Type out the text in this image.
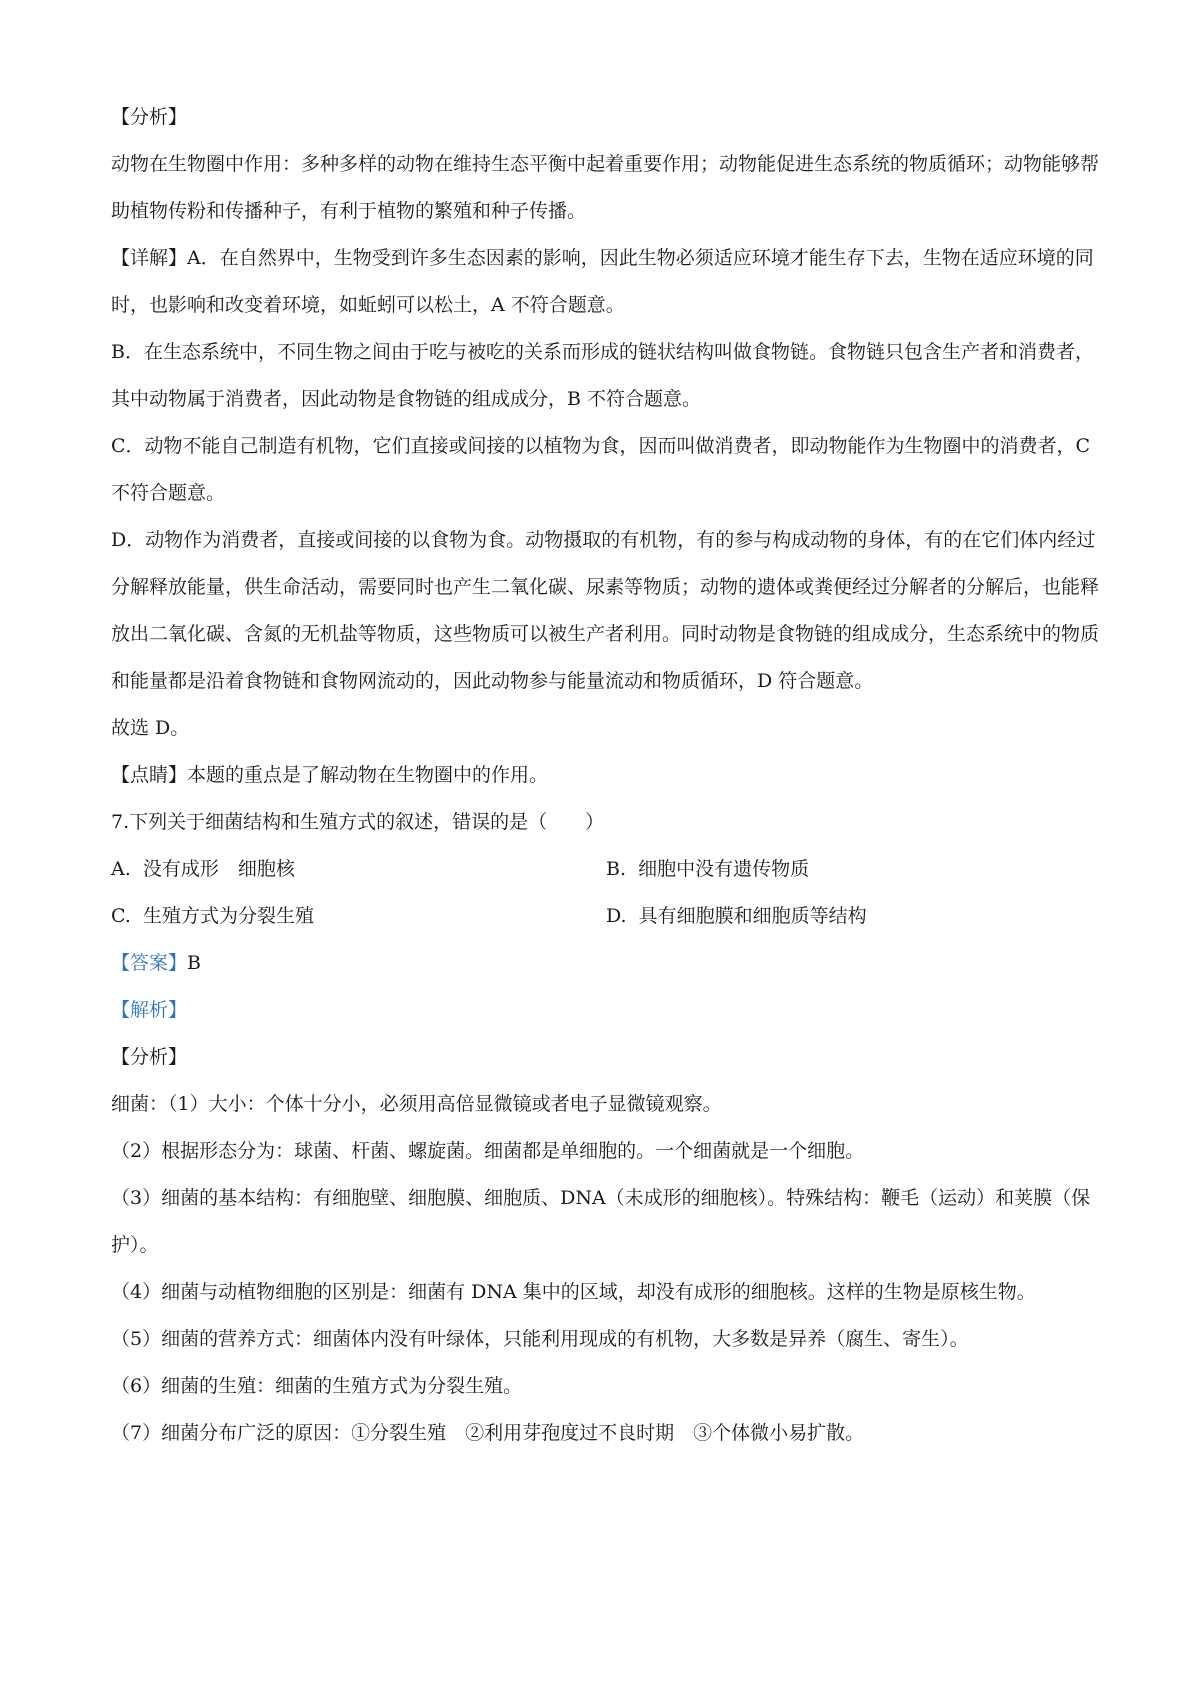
【分析】

动物在生物圈中作用：多种多样的动物在维持生态平衡中起着重要作用；动物能促进生态系统的物质循环；动物能够帮助植物传粉和传播种子，有利于植物的繁殖和种子传播。

【详解】A．在自然界中，生物受到许多生态因素的影响，因此生物必须适应环境才能生存下去，生物在适应环境的同时，也影响和改变着环境，如蚯蚓可以松土，A 不符合题意。

B．在生态系统中，不同生物之间由于吃与被吃的关系而形成的链状结构叫做食物链。食物链只包含生产者和消费者，其中动物属于消费者，因此动物是食物链的组成成分，B 不符合题意。

C．动物不能自己制造有机物，它们直接或间接的以植物为食，因而叫做消费者，即动物能作为生物圈中的消费者，C 不符合题意。

D．动物作为消费者，直接或间接的以食物为食。动物摄取的有机物，有的参与构成动物的身体，有的在它们体内经过分解释放能量，供生命活动，需要同时也产生二氧化碳、尿素等物质；动物的遗体或粪便经过分解者的分解后，也能释放出二氧化碳、含氮的无机盐等物质，这些物质可以被生产者利用。同时动物是食物链的组成成分，生态系统中的物质和能量都是沿着食物链和食物网流动的，因此动物参与能量流动和物质循环，D 符合题意。

故选 D。

【点睛】本题的重点是了解动物在生物圈中的作用。

7.下列关于细菌结构和生殖方式的叙述，错误的是（　　）

A.  没有成形　细胞核	B.  细胞中没有遗传物质
C.  生殖方式为分裂生殖	D.  具有细胞膜和细胞质等结构

【答案】B

【解析】

【分析】

细菌：（1）大小：个体十分小，必须用高倍显微镜或者电子显微镜观察。

（2）根据形态分为：球菌、杆菌、螺旋菌。细菌都是单细胞的。一个细菌就是一个细胞。

（3）细菌的基本结构：有细胞壁、细胞膜、细胞质、DNA（未成形的细胞核）。特殊结构：鞭毛（运动）和荚膜（保护）。

（4）细菌与动植物细胞的区别是：细菌有 DNA 集中的区域，却没有成形的细胞核。这样的生物是原核生物。

（5）细菌的营养方式：细菌体内没有叶绿体，只能利用现成的有机物，大多数是异养（腐生、寄生）。

（6）细菌的生殖：细菌的生殖方式为分裂生殖。

（7）细菌分布广泛的原因：①分裂生殖　②利用芽孢度过不良时期　③个体微小易扩散。
